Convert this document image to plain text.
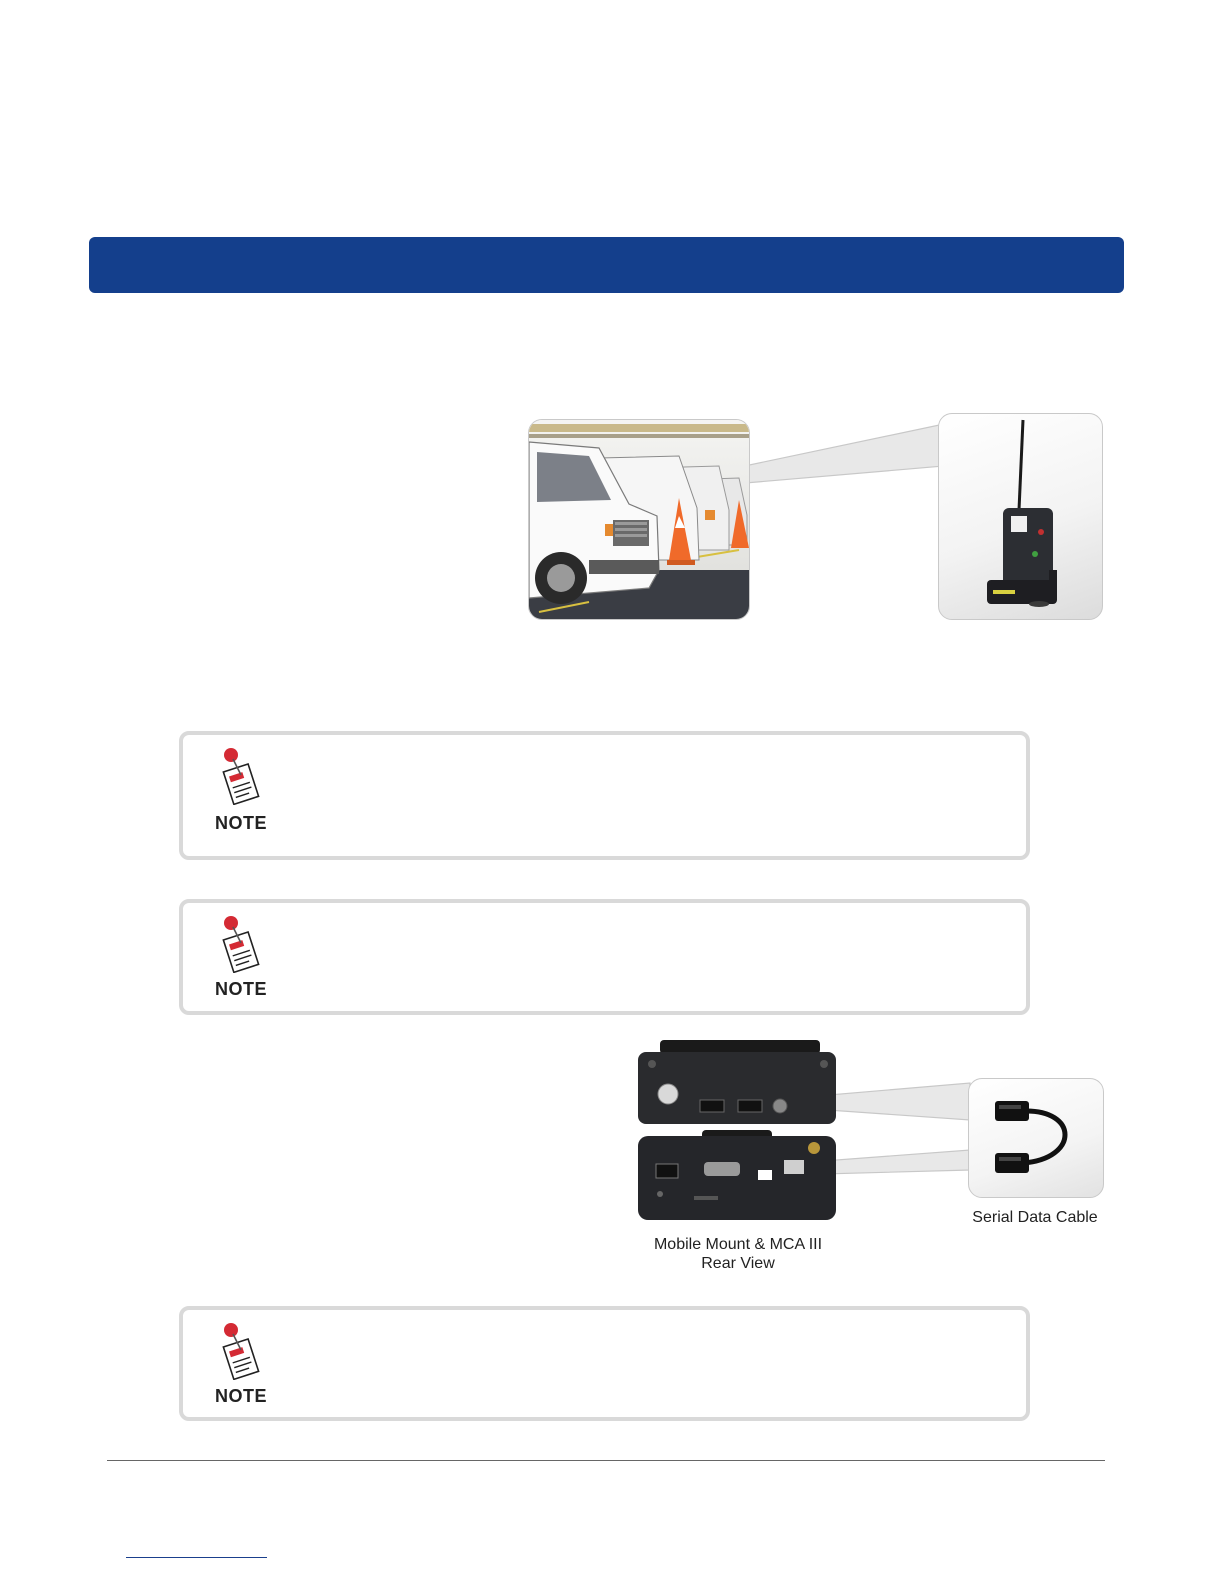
NOTE
NOTE
Mobile Mount & MCA III
Rear View
Serial Data Cable
NOTE
